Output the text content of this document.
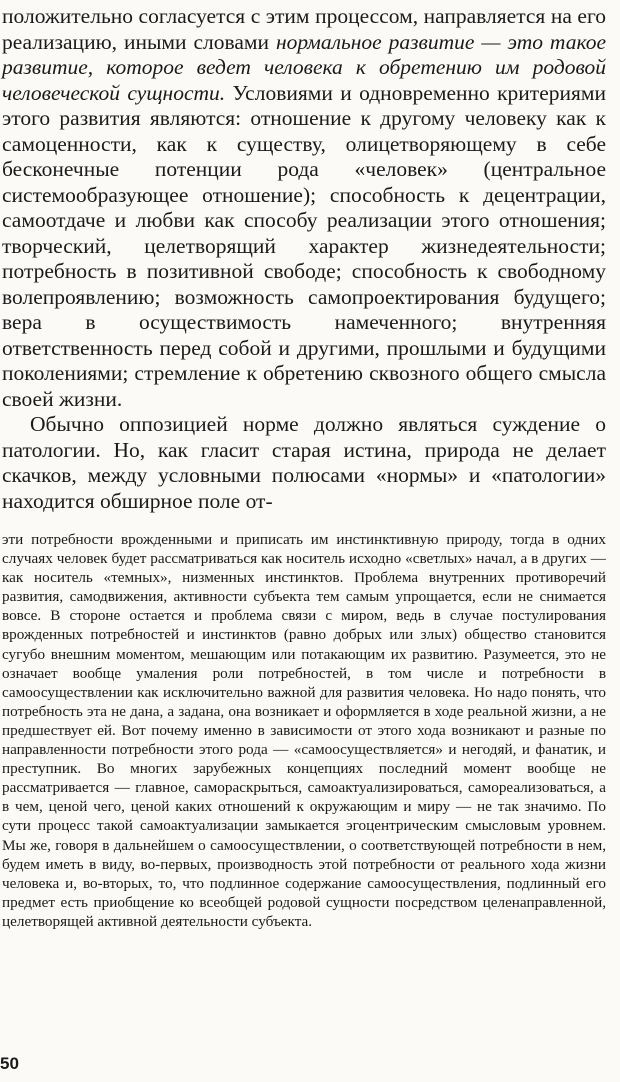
положительно согласуется с этим процессом, направляется на его реализацию, иными словами нормальное развитие — это такое развитие, которое ведет человека к обретению им родовой человеческой сущности. Условиями и одновременно критериями этого развития являются: отношение к другому человеку как к самоценности, как к существу, олицетворяющему в себе бесконечные потенции рода «человек» (центральное системообразующее отношение); способность к децентрации, самоотдаче и любви как способу реализации этого отношения; творческий, целетворящий характер жизнедеятельности; потребность в позитивной свободе; способность к свободному волепроявлению; возможность самопроектирования будущего; вера в осуществимость намеченного; внутренняя ответственность перед собой и другими, прошлыми и будущими поколениями; стремление к обретению сквозного общего смысла своей жизни.

Обычно оппозицией норме должно являться суждение о патологии. Но, как гласит старая истина, природа не делает скачков, между условными полюсами «нормы» и «патологии» находится обширное поле от-

эти потребности врожденными и приписать им инстинктивную природу, тогда в одних случаях человек будет рассматриваться как носитель исходно «светлых» начал, а в других — как носитель «темных», низменных инстинктов. Проблема внутренних противоречий развития, самодвижения, активности субъекта тем самым упрощается, если не снимается вовсе. В стороне остается и проблема связи с миром, ведь в случае постулирования врожденных потребностей и инстинктов (равно добрых или злых) общество становится сугубо внешним моментом, мешающим или потакающим их развитию. Разумеется, это не означает вообще умаления роли потребностей, в том числе и потребности в самоосуществлении как исключительно важной для развития человека. Но надо понять, что потребность эта не дана, а задана, она возникает и оформляется в ходе реальной жизни, а не предшествует ей. Вот почему именно в зависимости от этого хода возникают и разные по направленности потребности этого рода — «самоосуществляется» и негодяй, и фанатик, и преступник. Во многих зарубежных концепциях последний момент вообще не рассматривается — главное, самораскрыться, самоактуализироваться, самореализоваться, а в чем, ценой чего, ценой каких отношений к окружающим и миру — не так значимо. По сути процесс такой самоактуализации замыкается эгоцентрическим смысловым уровнем. Мы же, говоря в дальнейшем о самоосуществлении, о соответствующей потребности в нем, будем иметь в виду, во-первых, производность этой потребности от реального хода жизни человека и, во-вторых, то, что подлинное содержание самоосуществления, подлинный его предмет есть приобщение ко всеобщей родовой сущности посредством целенаправленной, целетворящей активной деятельности субъекта.

50
